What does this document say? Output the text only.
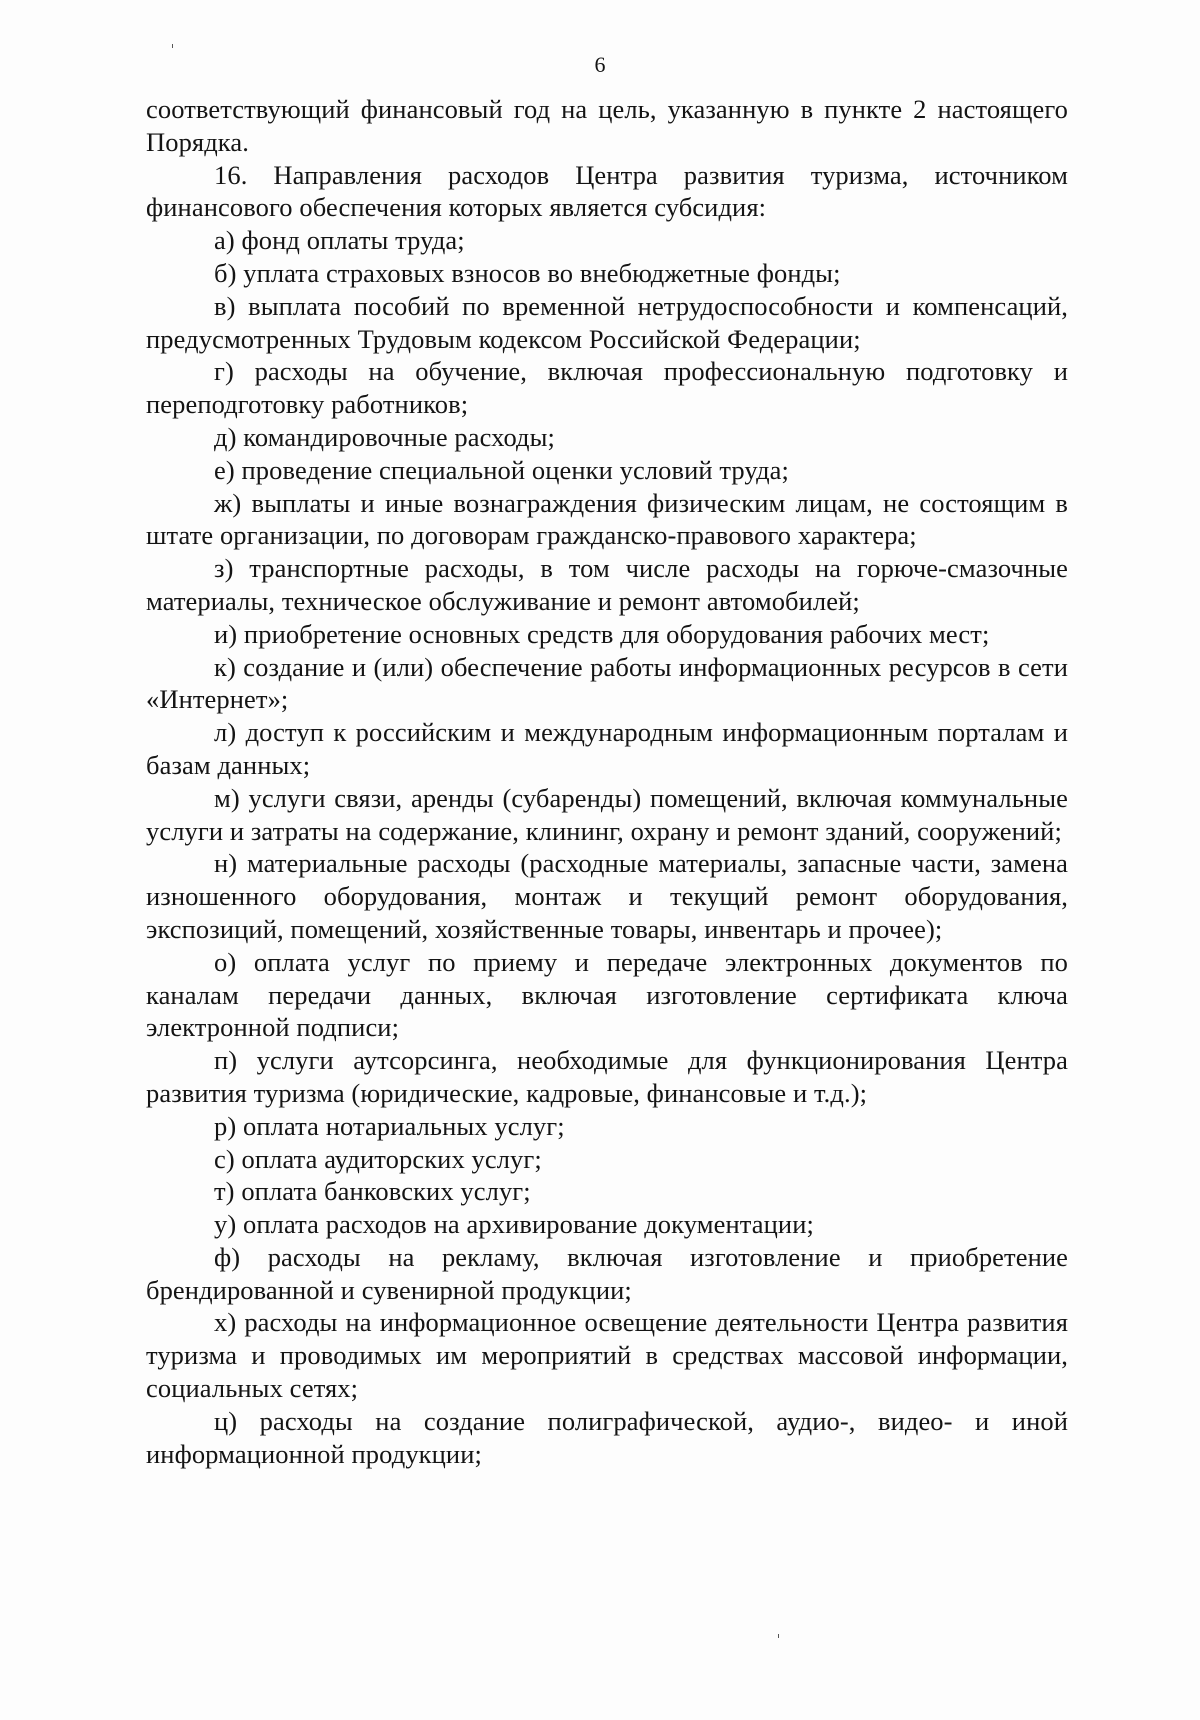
6

соответствующий финансовый год на цель, указанную в пункте 2 настоящего Порядка.

16. Направления расходов Центра развития туризма, источником финансового обеспечения которых является субсидия:

а) фонд оплаты труда;

б) уплата страховых взносов во внебюджетные фонды;

в) выплата пособий по временной нетрудоспособности и компенсаций, предусмотренных Трудовым кодексом Российской Федерации;

г) расходы на обучение, включая профессиональную подготовку и переподготовку работников;

д) командировочные расходы;

е) проведение специальной оценки условий труда;

ж) выплаты и иные вознаграждения физическим лицам, не состоящим в штате организации, по договорам гражданско-правового характера;

з) транспортные расходы, в том числе расходы на горюче-смазочные материалы, техническое обслуживание и ремонт автомобилей;

и) приобретение основных средств для оборудования рабочих мест;

к) создание и (или) обеспечение работы информационных ресурсов в сети «Интернет»;

л) доступ к российским и международным информационным порталам и базам данных;

м) услуги связи, аренды (субаренды) помещений, включая коммунальные услуги и затраты на содержание, клининг, охрану и ремонт зданий, сооружений;

н) материальные расходы (расходные материалы, запасные части, замена изношенного оборудования, монтаж и текущий ремонт оборудования, экспозиций, помещений, хозяйственные товары, инвентарь и прочее);

о) оплата услуг по приему и передаче электронных документов по каналам передачи данных, включая изготовление сертификата ключа электронной подписи;

п) услуги аутсорсинга, необходимые для функционирования Центра развития туризма (юридические, кадровые, финансовые и т.д.);

р) оплата нотариальных услуг;

с) оплата аудиторских услуг;

т) оплата банковских услуг;

у) оплата расходов на архивирование документации;

ф) расходы на рекламу, включая изготовление и приобретение брендированной и сувенирной продукции;

х) расходы на информационное освещение деятельности Центра развития туризма и проводимых им мероприятий в средствах массовой информации, социальных сетях;

ц) расходы на создание полиграфической, аудио-, видео- и иной информационной продукции;
